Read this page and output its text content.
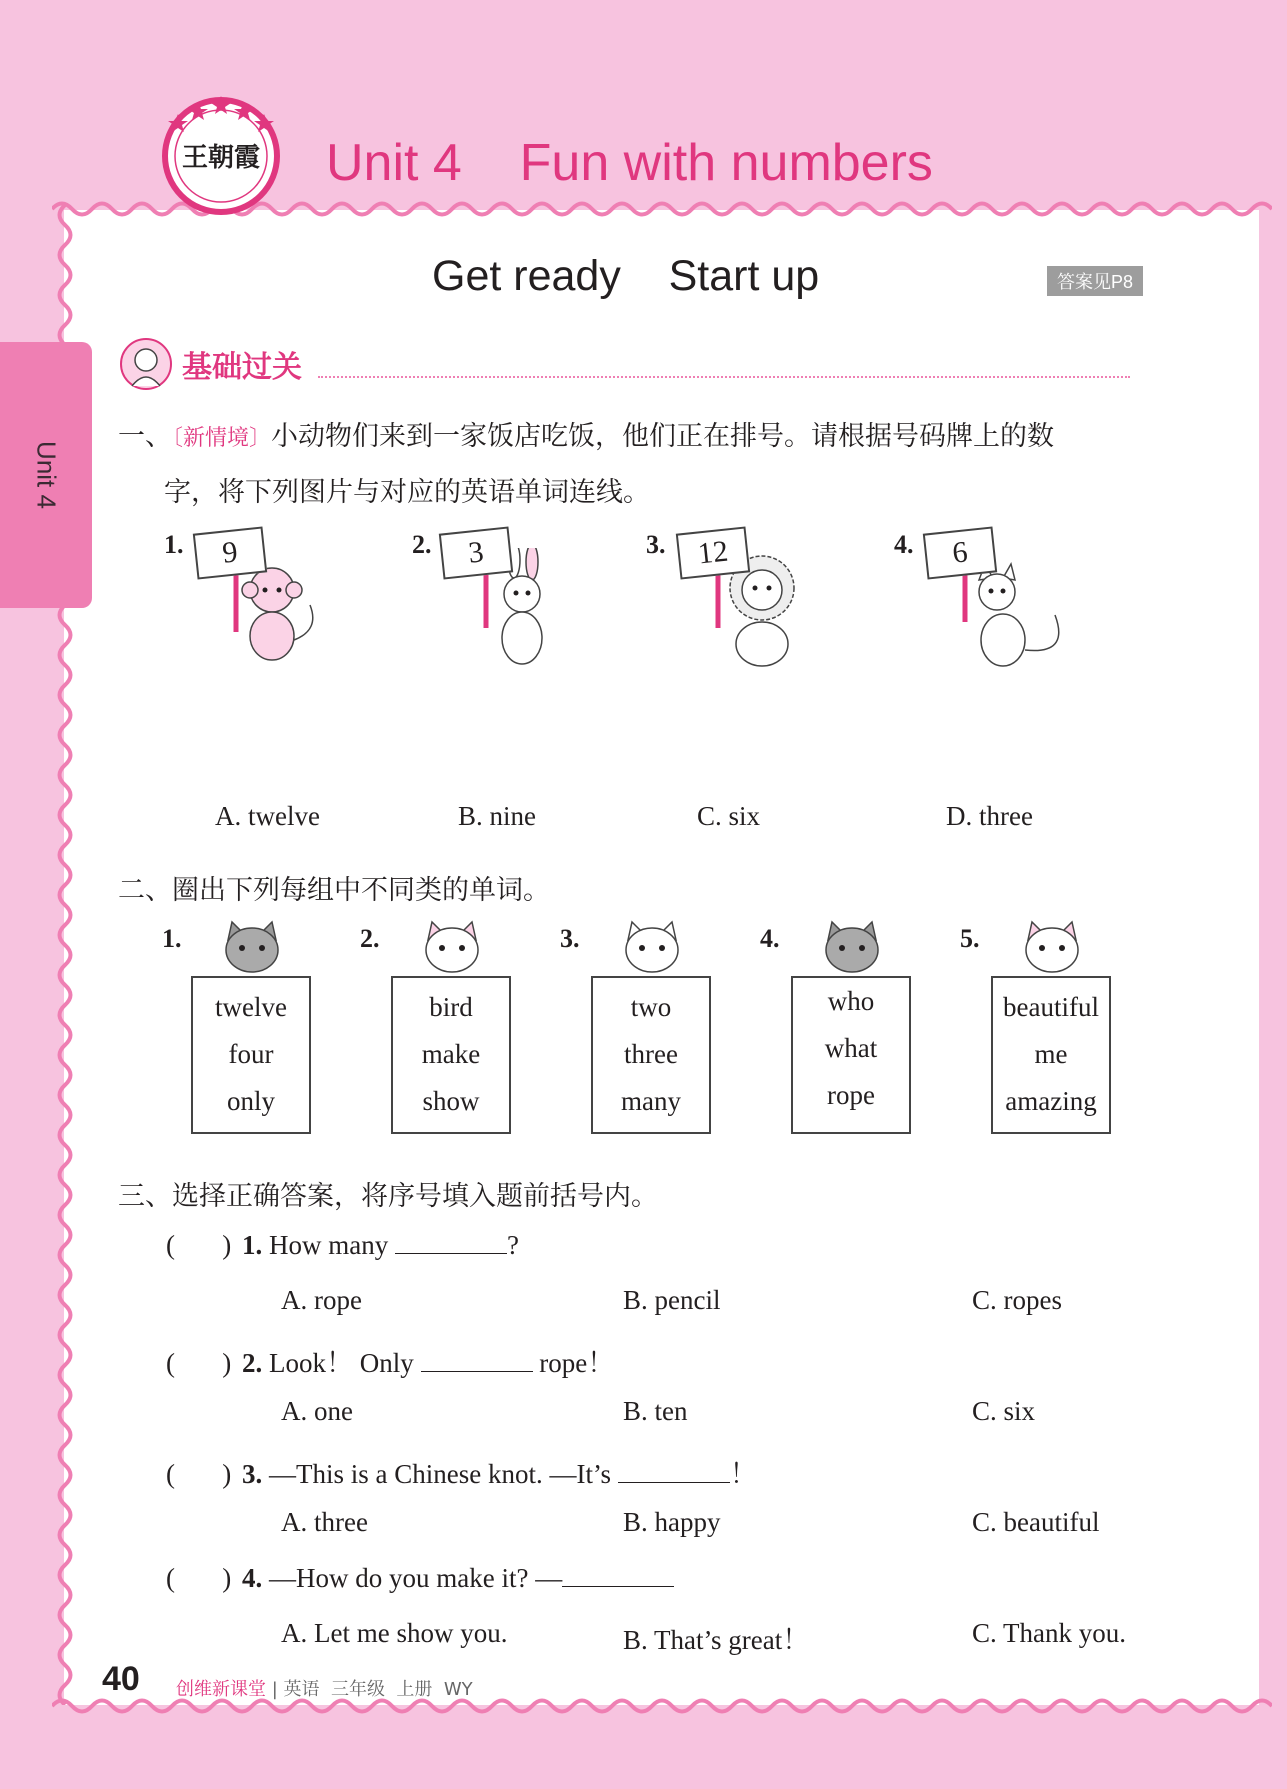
Unit 4
王朝霞 Unit 4    Fun with numbers
Get ready    Start up	答案见P8
基础过关
一、〔新情境〕小动物们来到一家饭店吃饭，他们正在排号。请根据号码牌上的数
字，将下列图片与对应的英语单词连线。
1.	9	2.	3	3.	12	4.	6
A. twelve	B. nine	C. six	D. three
二、圈出下列每组中不同类的单词。
1.
twelve
four
only
2.
bird
make
show
3.
two
three
many
4.
who
what
rope
5.
beautiful
me
amazing
三、选择正确答案，将序号填入题前括号内。
(       ) 1. How many	?
A. rope	B. pencil	C. ropes
(       ) 2. Look！ Only	rope！
A. one	B. ten	C. six
(       ) 3. —This is a Chinese knot. —It’s	！
A. three	B. happy	C. beautiful
(       ) 4. —How do you make it? —
A. Let me show you.	B. That’s great！	C. Thank you.
40 创维新课堂 | 英语  三年级  上册  WY
